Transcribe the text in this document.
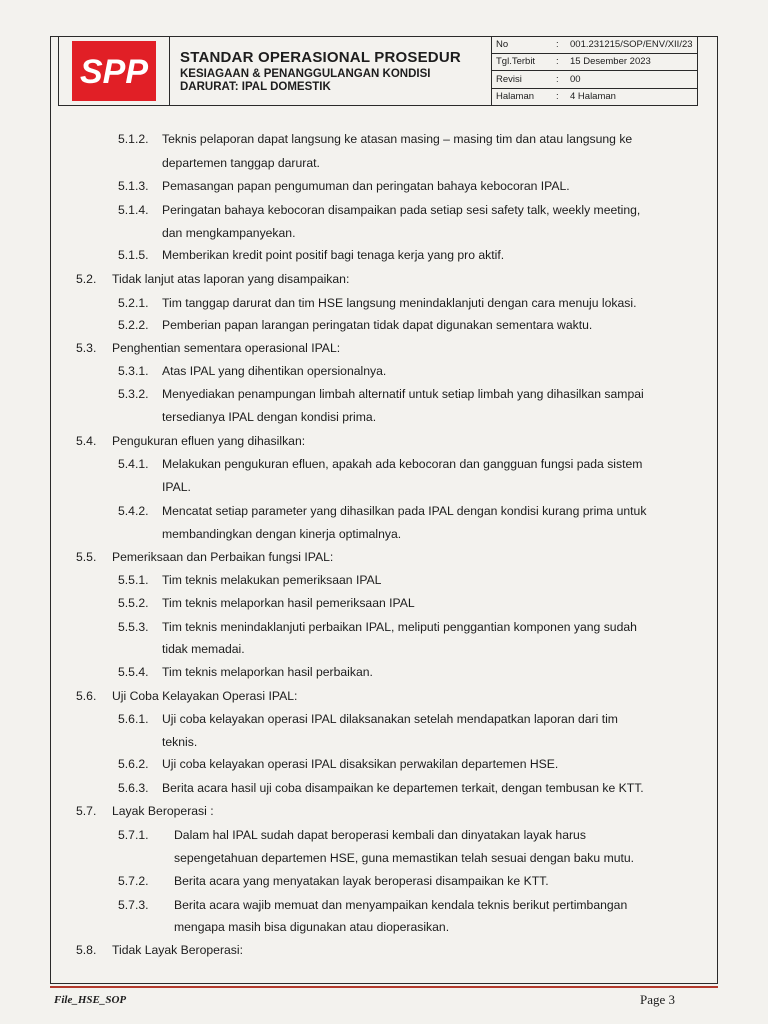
SPP STANDAR OPERASIONAL PROSEDUR
KESIAGAAN & PENANGGULANGAN KONDISI
DARURAT: IPAL DOMESTIK
No	:	001.231215/SOP/ENV/XII/23
Tgl.Terbit	:	15 Desember 2023
Revisi	:	00
Halaman	:	4 Halaman
5.1.2. Teknis pelaporan dapat langsung ke atasan masing – masing tim dan atau langsung ke
departemen tanggap darurat.
5.1.3. Pemasangan papan pengumuman dan peringatan bahaya kebocoran IPAL.
5.1.4. Peringatan bahaya kebocoran disampaikan pada setiap sesi safety talk, weekly meeting,
dan mengkampanyekan.
5.1.5. Memberikan kredit point positif bagi tenaga kerja yang pro aktif.
5.2. Tidak lanjut atas laporan yang disampaikan:
5.2.1. Tim tanggap darurat dan tim HSE langsung menindaklanjuti dengan cara menuju lokasi.
5.2.2. Pemberian papan larangan peringatan tidak dapat digunakan sementara waktu.
5.3. Penghentian sementara operasional IPAL:
5.3.1. Atas IPAL yang dihentikan opersionalnya.
5.3.2. Menyediakan penampungan limbah alternatif untuk setiap limbah yang dihasilkan sampai
tersedianya IPAL dengan kondisi prima.
5.4. Pengukuran efluen yang dihasilkan:
5.4.1. Melakukan pengukuran efluen, apakah ada kebocoran dan gangguan fungsi pada sistem
IPAL.
5.4.2. Mencatat setiap parameter yang dihasilkan pada IPAL dengan kondisi kurang prima untuk
membandingkan dengan kinerja optimalnya.
5.5. Pemeriksaan dan Perbaikan fungsi IPAL:
5.5.1. Tim teknis melakukan pemeriksaan IPAL
5.5.2. Tim teknis melaporkan hasil pemeriksaan IPAL
5.5.3. Tim teknis menindaklanjuti perbaikan IPAL, meliputi penggantian komponen yang sudah
tidak memadai.
5.5.4. Tim teknis melaporkan hasil perbaikan.
5.6. Uji Coba Kelayakan Operasi IPAL:
5.6.1. Uji coba kelayakan operasi IPAL dilaksanakan setelah mendapatkan laporan dari tim
teknis.
5.6.2. Uji coba kelayakan operasi IPAL disaksikan perwakilan departemen HSE.
5.6.3. Berita acara hasil uji coba disampaikan ke departemen terkait, dengan tembusan ke KTT.
5.7. Layak Beroperasi :
5.7.1. Dalam hal IPAL sudah dapat beroperasi kembali dan dinyatakan layak harus
sepengetahuan departemen HSE, guna memastikan telah sesuai dengan baku mutu.
5.7.2. Berita acara yang menyatakan layak beroperasi disampaikan ke KTT.
5.7.3. Berita acara wajib memuat dan menyampaikan kendala teknis berikut pertimbangan
mengapa masih bisa digunakan atau dioperasikan.
5.8. Tidak Layak Beroperasi:
File_HSE_SOP	Page 3
